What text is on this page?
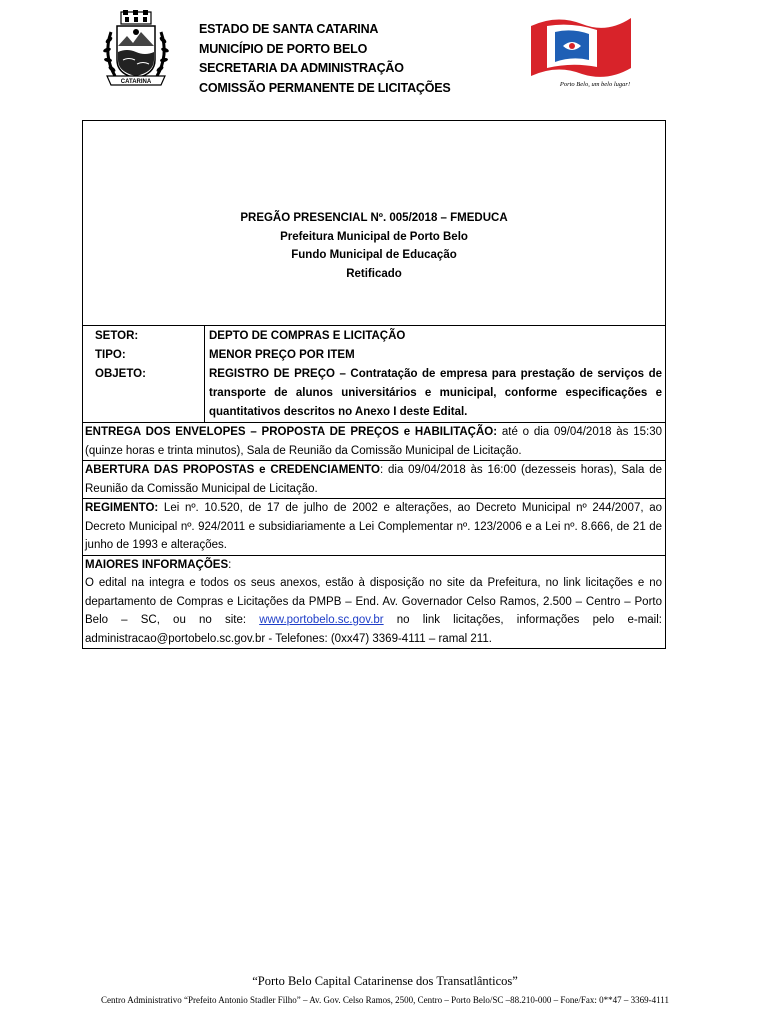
CATARINA
ESTADO DE SANTA CATARINA
MUNICÍPIO DE PORTO BELO
SECRETARIA DA ADMINISTRAÇÃO
COMISSÃO PERMANENTE DE LICITAÇÕES	Porto Belo, um belo lugar!
PREGÃO PRESENCIAL Nº. 005/2018 – FMEDUCA
Prefeitura Municipal de Porto Belo
Fundo Municipal de Educação
Retificado
SETOR:	DEPTO DE COMPRAS E LICITAÇÃO
TIPO:	MENOR PREÇO POR ITEM
OBJETO:	REGISTRO DE PREÇO – Contratação de empresa para prestação de serviços de transporte de alunos universitários e municipal, conforme especificações e quantitativos descritos no Anexo I deste Edital.
ENTREGA DOS ENVELOPES – PROPOSTA DE PREÇOS e HABILITAÇÃO: até o dia 09/04/2018 às 15:30 (quinze horas e trinta minutos), Sala de Reunião da Comissão Municipal de Licitação.
ABERTURA DAS PROPOSTAS e CREDENCIAMENTO: dia 09/04/2018 às 16:00 (dezesseis horas), Sala de Reunião da Comissão Municipal de Licitação.
REGIMENTO: Lei nº. 10.520, de 17 de julho de 2002 e alterações, ao Decreto Municipal nº 244/2007, ao Decreto Municipal nº. 924/2011 e subsidiariamente a Lei Complementar nº. 123/2006 e a Lei nº. 8.666, de 21 de junho de 1993 e alterações.
MAIORES INFORMAÇÕES:
O edital na integra e todos os seus anexos, estão à disposição no site da Prefeitura, no link licitações e no departamento de Compras e Licitações da PMPB – End. Av. Governador Celso Ramos, 2.500 – Centro – Porto Belo – SC, ou no site: www.portobelo.sc.gov.br no link licitações, informações pelo e-mail: administracao@portobelo.sc.gov.br - Telefones: (0xx47) 3369-4111 – ramal 211.
“Porto Belo Capital Catarinense dos Transatlânticos”
Centro Administrativo “Prefeito Antonio Stadler Filho” – Av. Gov. Celso Ramos, 2500, Centro – Porto Belo/SC –88.210-000 – Fone/Fax: 0**47 – 3369-4111
